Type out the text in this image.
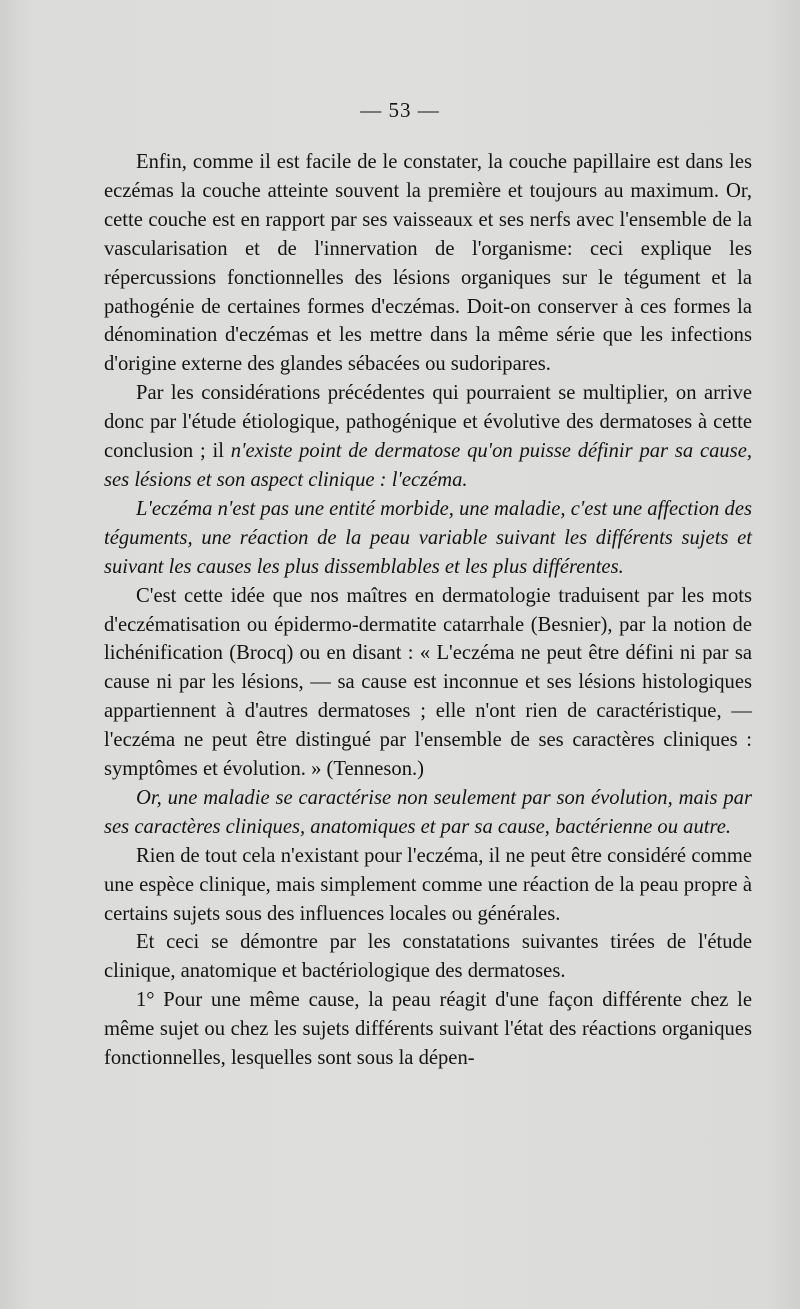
— 53 —

Enfin, comme il est facile de le constater, la couche papillaire est dans les eczémas la couche atteinte souvent la première et toujours au maximum. Or, cette couche est en rapport par ses vaisseaux et ses nerfs avec l'ensemble de la vascularisation et de l'innervation de l'organisme: ceci explique les répercussions fonctionnelles des lésions organiques sur le tégument et la pathogénie de certaines formes d'eczémas. Doit-on conserver à ces formes la dénomination d'eczémas et les mettre dans la même série que les infections d'origine externe des glandes sébacées ou sudoripares.

Par les considérations précédentes qui pourraient se multiplier, on arrive donc par l'étude étiologique, pathogénique et évolutive des dermatoses à cette conclusion ; il n'existe point de dermatose qu'on puisse définir par sa cause, ses lésions et son aspect clinique : l'eczéma.

L'eczéma n'est pas une entité morbide, une maladie, c'est une affection des téguments, une réaction de la peau variable suivant les différents sujets et suivant les causes les plus dissemblables et les plus différentes.

C'est cette idée que nos maîtres en dermatologie traduisent par les mots d'eczématisation ou épidermo-dermatite catarrhale (Besnier), par la notion de lichénification (Brocq) ou en disant : « L'eczéma ne peut être défini ni par sa cause ni par les lésions, — sa cause est inconnue et ses lésions histologiques appartiennent à d'autres dermatoses ; elle n'ont rien de caractéristique, — l'eczéma ne peut être distingué par l'ensemble de ses caractères cliniques : symptômes et évolution. » (Tenneson.)

Or, une maladie se caractérise non seulement par son évolution, mais par ses caractères cliniques, anatomiques et par sa cause, bactérienne ou autre.

Rien de tout cela n'existant pour l'eczéma, il ne peut être considéré comme une espèce clinique, mais simplement comme une réaction de la peau propre à certains sujets sous des influences locales ou générales.

Et ceci se démontre par les constatations suivantes tirées de l'étude clinique, anatomique et bactériologique des dermatoses.

1° Pour une même cause, la peau réagit d'une façon différente chez le même sujet ou chez les sujets différents suivant l'état des réactions organiques fonctionnelles, lesquelles sont sous la dépen-
